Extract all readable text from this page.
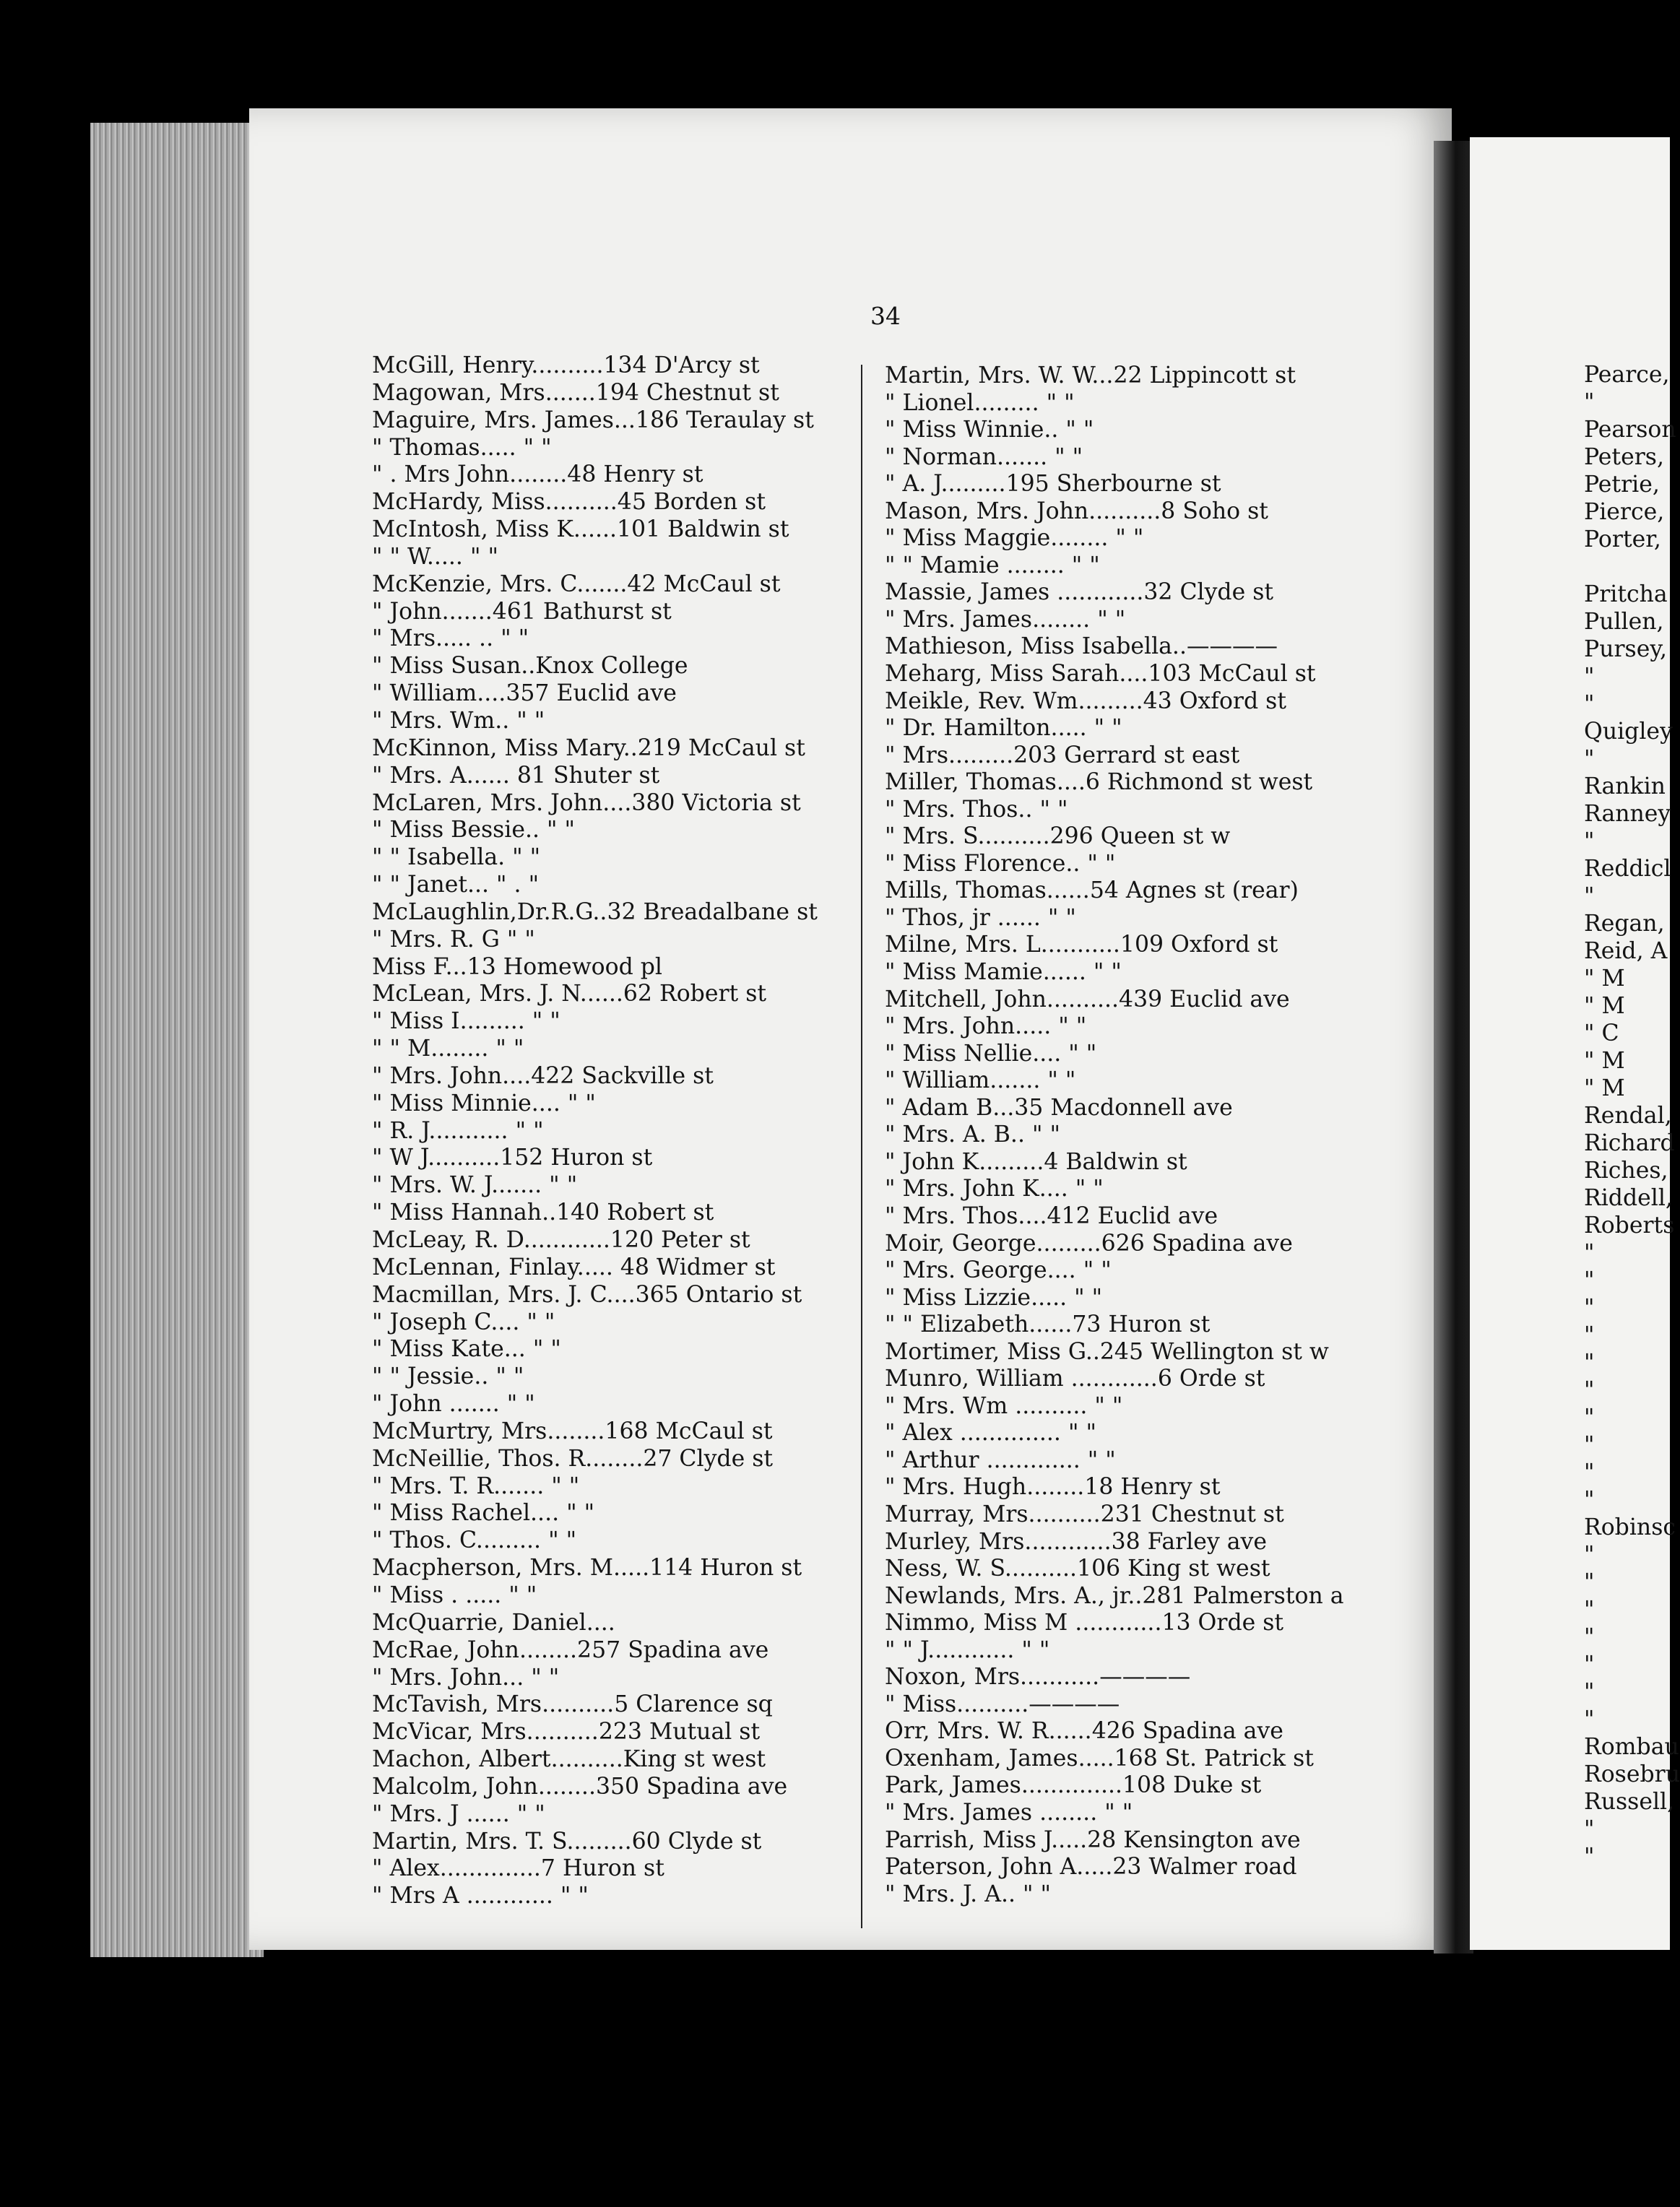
34
McGill, Henry..........134 D'Arcy st
Magowan, Mrs.......194 Chestnut st
Maguire, Mrs. James...186 Teraulay st
" Thomas..... " "
" . Mrs John........48 Henry st
McHardy, Miss..........45 Borden st
McIntosh, Miss K......101 Baldwin st
" " W..... " "
McKenzie, Mrs. C.......42 McCaul st
" John.......461 Bathurst st
" Mrs..... .. " "
" Miss Susan..Knox College
" William....357 Euclid ave
" Mrs. Wm.. " "
McKinnon, Miss Mary..219 McCaul st
" Mrs. A...... 81 Shuter st
McLaren, Mrs. John....380 Victoria st
" Miss Bessie.. " "
" " Isabella. " "
" " Janet... " . "
McLaughlin,Dr.R.G..32 Breadalbane st
" Mrs. R. G " "
Miss F...13 Homewood pl
McLean, Mrs. J. N......62 Robert st
" Miss I......... " "
" " M........ " "
" Mrs. John....422 Sackville st
" Miss Minnie.... " "
" R. J........... " "
" W J..........152 Huron st
" Mrs. W. J....... " "
" Miss Hannah..140 Robert st
McLeay, R. D............120 Peter st
McLennan, Finlay..... 48 Widmer st
Macmillan, Mrs. J. C....365 Ontario st
" Joseph C.... " "
" Miss Kate... " "
" " Jessie.. " "
" John ....... " "
McMurtry, Mrs........168 McCaul st
McNeillie, Thos. R........27 Clyde st
" Mrs. T. R....... " "
" Miss Rachel.... " "
" Thos. C......... " "
Macpherson, Mrs. M.....114 Huron st
" Miss . ..... " "
McQuarrie, Daniel....
McRae, John........257 Spadina ave
" Mrs. John... " "
McTavish, Mrs..........5 Clarence sq
McVicar, Mrs..........223 Mutual st
Machon, Albert..........King st west
Malcolm, John........350 Spadina ave
" Mrs. J ...... " "
Martin, Mrs. T. S.........60 Clyde st
" Alex..............7 Huron st
" Mrs A ............ " "
Martin, Mrs. W. W...22 Lippincott st
" Lionel......... " "
" Miss Winnie.. " "
" Norman....... " "
" A. J.........195 Sherbourne st
Mason, Mrs. John..........8 Soho st
" Miss Maggie........ " "
" " Mamie ........ " "
Massie, James ............32 Clyde st
" Mrs. James........ " "
Mathieson, Miss Isabella..————
Meharg, Miss Sarah....103 McCaul st
Meikle, Rev. Wm.........43 Oxford st
" Dr. Hamilton..... " "
" Mrs.........203 Gerrard st east
Miller, Thomas....6 Richmond st west
" Mrs. Thos.. " "
" Mrs. S..........296 Queen st w
" Miss Florence.. " "
Mills, Thomas......54 Agnes st (rear)
" Thos, jr ...... " "
Milne, Mrs. L...........109 Oxford st
" Miss Mamie...... " "
Mitchell, John..........439 Euclid ave
" Mrs. John..... " "
" Miss Nellie.... " "
" William....... " "
" Adam B...35 Macdonnell ave
" Mrs. A. B.. " "
" John K.........4 Baldwin st
" Mrs. John K.... " "
" Mrs. Thos....412 Euclid ave
Moir, George.........626 Spadina ave
" Mrs. George.... " "
" Miss Lizzie..... " "
" " Elizabeth......73 Huron st
Mortimer, Miss G..245 Wellington st w
Munro, William ............6 Orde st
" Mrs. Wm .......... " "
" Alex .............. " "
" Arthur ............. " "
" Mrs. Hugh........18 Henry st
Murray, Mrs..........231 Chestnut st
Murley, Mrs............38 Farley ave
Ness, W. S..........106 King st west
Newlands, Mrs. A., jr..281 Palmerston a
Nimmo, Miss M ............13 Orde st
" " J............ " "
Noxon, Mrs...........————
" Miss..........————
Orr, Mrs. W. R......426 Spadina ave
Oxenham, James.....168 St. Patrick st
Park, James..............108 Duke st
" Mrs. James ........ " "
Parrish, Miss J.....28 Kensington ave
Paterson, John A.....23 Walmer road
" Mrs. J. A.. " "
Pearce,
"
Pearson
Peters,
Petrie,
Pierce,
Porter,
Pritcha
Pullen,
Pursey,
"
"
Quigley
"
Rankin
Ranney
"
Reddicl
"
Regan,
Reid, A
" M
" M
" C
" M
" M
Rendal,
Richard
Riches,
Riddell,
Roberts
"
"
"
"
"
"
"
"
"
"
Robinsc
"
"
"
"
"
"
"
Rombau
Rosebru
Russell,
"
"
